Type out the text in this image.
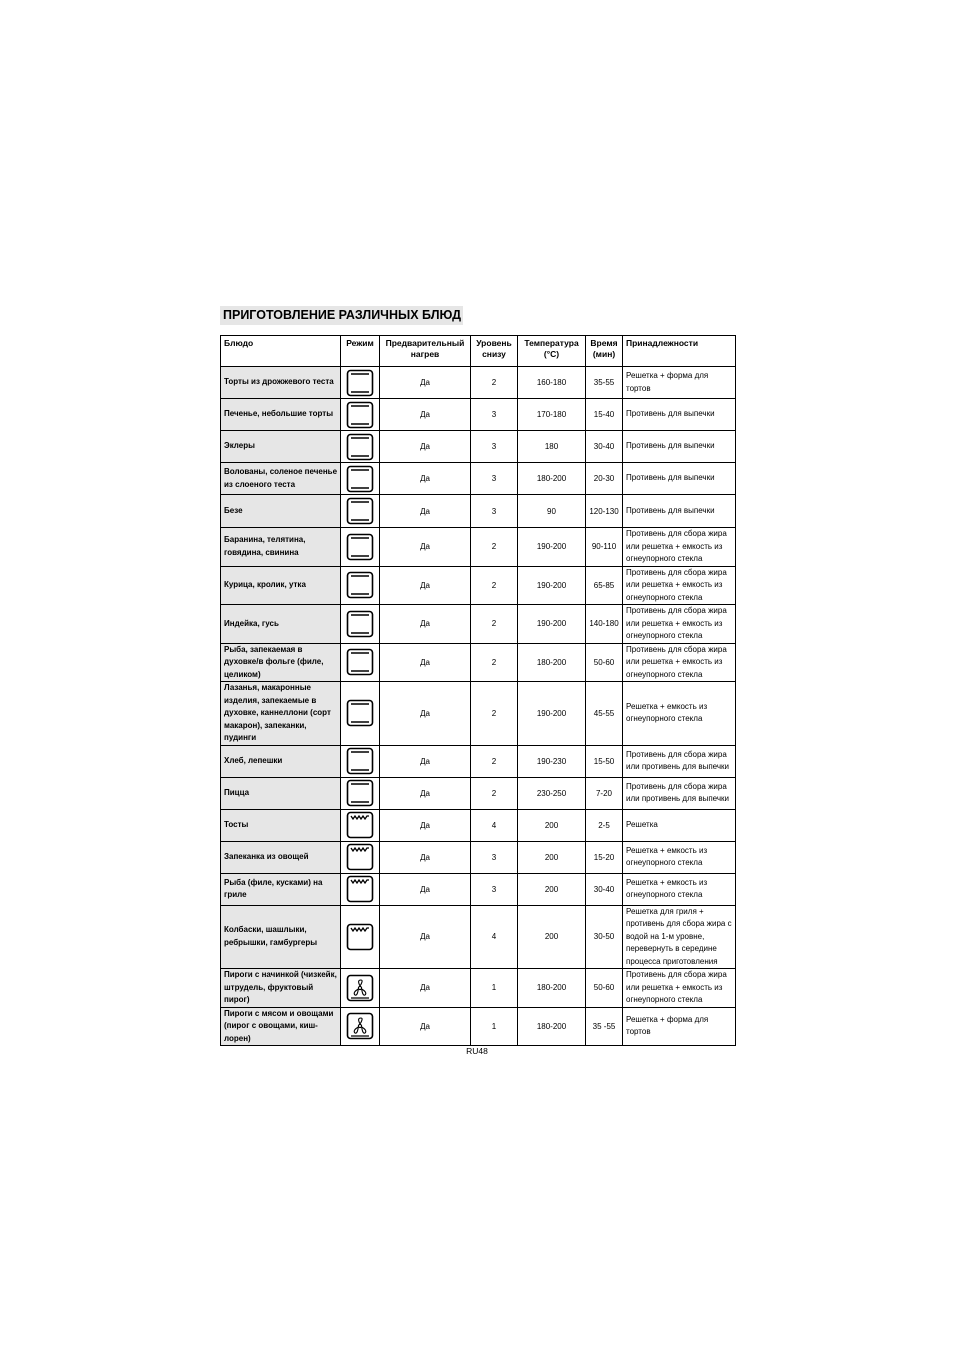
ПРИГОТОВЛЕНИЕ РАЗЛИЧНЫХ БЛЮД
Блюдо	Режим	Предварительный нагрев	Уровень снизу	Температура (°C)	Время (мин)	Принадлежности
Торты из дрожжевого теста		Да	2	160-180	35-55	Решетка + форма для тортов
Печенье, небольшие торты		Да	3	170-180	15-40	Противень для выпечки
Эклеры		Да	3	180	30-40	Противень для выпечки
Волованы, соленое печенье из слоеного теста		Да	3	180-200	20-30	Противень для выпечки
Безе		Да	3	90	120-130	Противень для выпечки
Баранина, телятина, говядина, свинина		Да	2	190-200	90-110	Противень для сбора жира или решетка + емкость из огнеупорного стекла
Курица, кролик, утка		Да	2	190-200	65-85	Противень для сбора жира или решетка + емкость из огнеупорного стекла
Индейка, гусь		Да	2	190-200	140-180	Противень для сбора жира или решетка + емкость из огнеупорного стекла
Рыба, запекаемая в духовке/в фольге (филе, целиком)		Да	2	180-200	50-60	Противень для сбора жира или решетка + емкость из огнеупорного стекла
Лазанья, макаронные изделия, запекаемые в духовке, каннеллони (сорт макарон), запеканки, пудинги		Да	2	190-200	45-55	Решетка + емкость из огнеупорного стекла
Хлеб, лепешки		Да	2	190-230	15-50	Противень для сбора жира или противень для выпечки
Пицца		Да	2	230-250	7-20	Противень для сбора жира или противень для выпечки
Тосты		Да	4	200	2-5	Решетка
Запеканка из овощей		Да	3	200	15-20	Решетка + емкость из огнеупорного стекла
Рыба (филе, кусками) на гриле		Да	3	200	30-40	Решетка + емкость из огнеупорного стекла
Колбаски, шашлыки, ребрышки, гамбургеры		Да	4	200	30-50	Решетка для гриля + противень для сбора жира с водой на 1-м уровне, перевернуть в середине процесса приготовления
Пироги с начинкой (чизкейк, штрудель, фруктовый пирог)		Да	1	180-200	50-60	Противень для сбора жира или решетка + емкость из огнеупорного стекла
Пироги с мясом и овощами (пирог с овощами, киш-лорен)		Да	1	180-200	35 -55	Решетка + форма для тортов
RU48
